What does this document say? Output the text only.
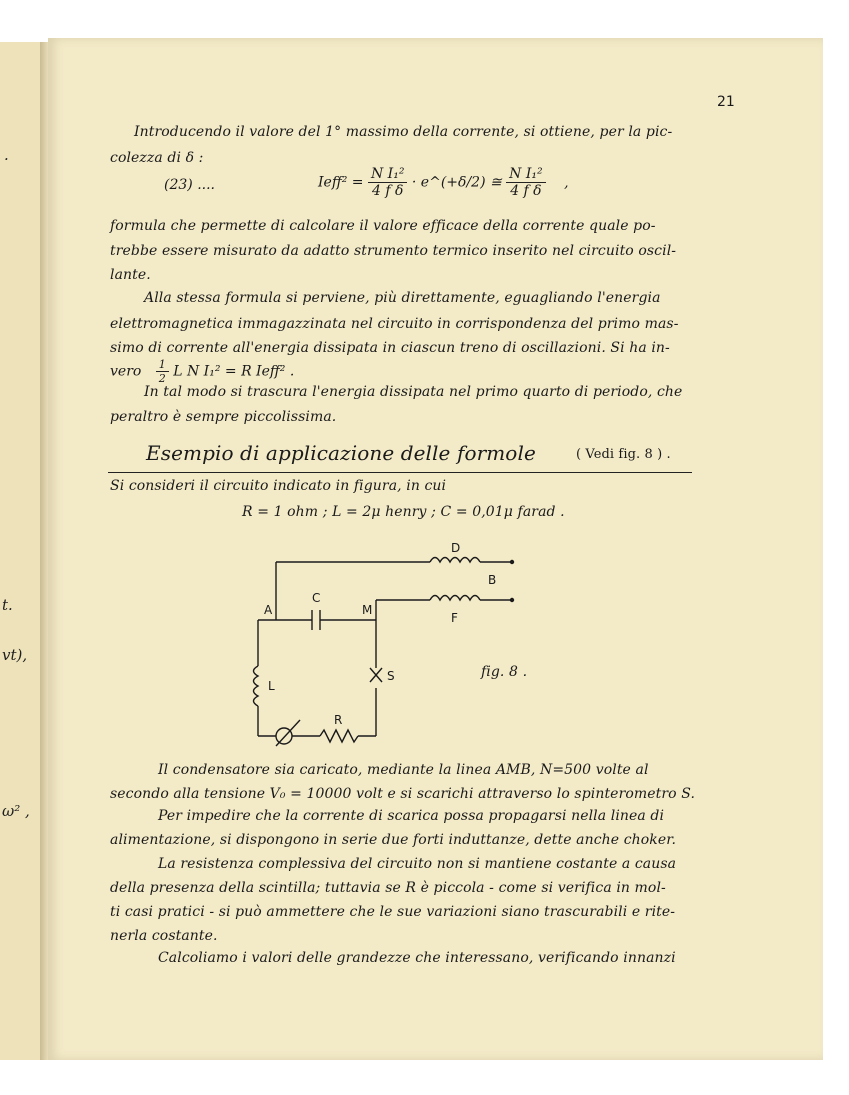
·
t.
vt),
ω² ,
21
Introducendo il valore del 1° massimo della corrente, si ottiene, per la pic-
colezza di δ :
(23) ....	Ieff² = $\frac{\text{N I₁²}}{\text{4 f δ}}$ · e^(+δ/2) ≅ $\frac{\text{N I₁²}}{\text{4 f δ}}$ ,
formula che permette di calcolare il valore efficace della corrente quale po-
trebbe essere misurato da adatto strumento termico inserito nel circuito oscil-
lante.
Alla stessa formula si perviene, più direttamente, eguagliando l'energia
elettromagnetica immagazzinata nel circuito in corrispondenza del primo mas-
simo di corrente all'energia dissipata in ciascun treno di oscillazioni. Si ha in-
vero $\frac{1}{2}$ L N I₁² = R Ieff² .
In tal modo si trascura l'energia dissipata nel primo quarto di periodo, che
peraltro è sempre piccolissima.
Esempio di applicazione delle formole	( Vedi fig. 8 ) .
Si consideri il circuito indicato in figura, in cui
R = 1 ohm ; L = 2μ henry ; C = 0,01μ farad .
D
B
F
A
C
M
L
S
R
fig. 8 .
Il condensatore sia caricato, mediante la linea AMB, N=500 volte al
secondo alla tensione V₀ = 10000 volt e si scarichi attraverso lo spinterometro S.
Per impedire che la corrente di scarica possa propagarsi nella linea di
alimentazione, si dispongono in serie due forti induttanze, dette anche choker.
La resistenza complessiva del circuito non si mantiene costante a causa
della presenza della scintilla; tuttavia se R è piccola - come si verifica in mol-
ti casi pratici - si può ammettere che le sue variazioni siano trascurabili e rite-
nerla costante.
Calcoliamo i valori delle grandezze che interessano, verificando innanzi
